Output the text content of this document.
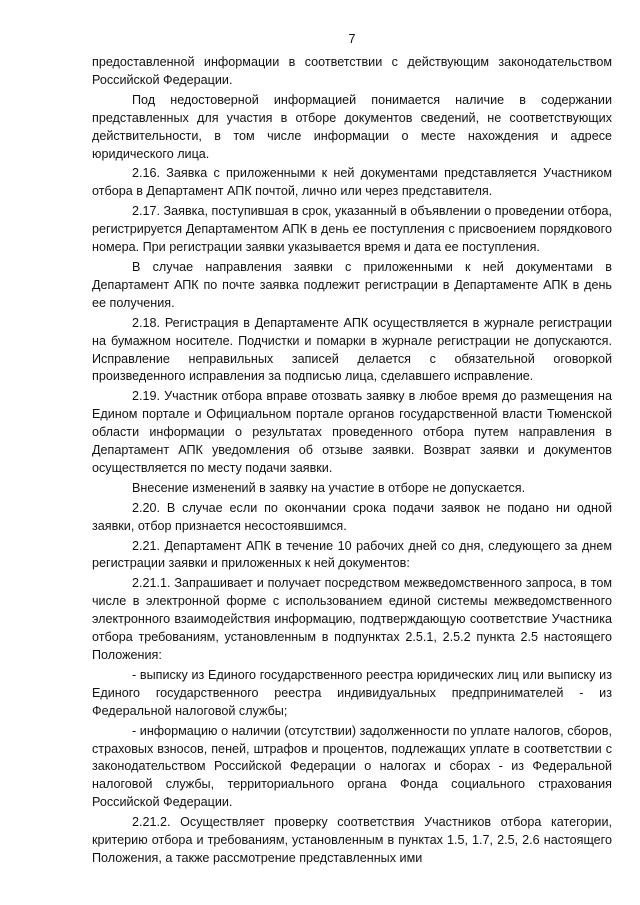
7

предоставленной информации в соответствии с действующим законодательством Российской Федерации.

Под недостоверной информацией понимается наличие в содержании представленных для участия в отборе документов сведений, не соответствующих действительности, в том числе информации о месте нахождения и адресе юридического лица.

2.16. Заявка с приложенными к ней документами представляется Участником отбора в Департамент АПК почтой, лично или через представителя.

2.17. Заявка, поступившая в срок, указанный в объявлении о проведении отбора, регистрируется Департаментом АПК в день ее поступления с присвоением порядкового номера. При регистрации заявки указывается время и дата ее поступления.

В случае направления заявки с приложенными к ней документами в Департамент АПК по почте заявка подлежит регистрации в Департаменте АПК в день ее получения.

2.18. Регистрация в Департаменте АПК осуществляется в журнале регистрации на бумажном носителе. Подчистки и помарки в журнале регистрации не допускаются. Исправление неправильных записей делается с обязательной оговоркой произведенного исправления за подписью лица, сделавшего исправление.

2.19. Участник отбора вправе отозвать заявку в любое время до размещения на Едином портале и Официальном портале органов государственной власти Тюменской области информации о результатах проведенного отбора путем направления в Департамент АПК уведомления об отзыве заявки. Возврат заявки и документов осуществляется по месту подачи заявки.

Внесение изменений в заявку на участие в отборе не допускается.

2.20. В случае если по окончании срока подачи заявок не подано ни одной заявки, отбор признается несостоявшимся.

2.21. Департамент АПК в течение 10 рабочих дней со дня, следующего за днем регистрации заявки и приложенных к ней документов:

2.21.1. Запрашивает и получает посредством межведомственного запроса, в том числе в электронной форме с использованием единой системы межведомственного электронного взаимодействия информацию, подтверждающую соответствие Участника отбора требованиям, установленным в подпунктах 2.5.1, 2.5.2 пункта 2.5 настоящего Положения:

- выписку из Единого государственного реестра юридических лиц или выписку из Единого государственного реестра индивидуальных предпринимателей - из Федеральной налоговой службы;

- информацию о наличии (отсутствии) задолженности по уплате налогов, сборов, страховых взносов, пеней, штрафов и процентов, подлежащих уплате в соответствии с законодательством Российской Федерации о налогах и сборах - из Федеральной налоговой службы, территориального органа Фонда социального страхования Российской Федерации.

2.21.2. Осуществляет проверку соответствия Участников отбора категории, критерию отбора и требованиям, установленным в пунктах 1.5, 1.7, 2.5, 2.6 настоящего Положения, а также рассмотрение представленных ими
